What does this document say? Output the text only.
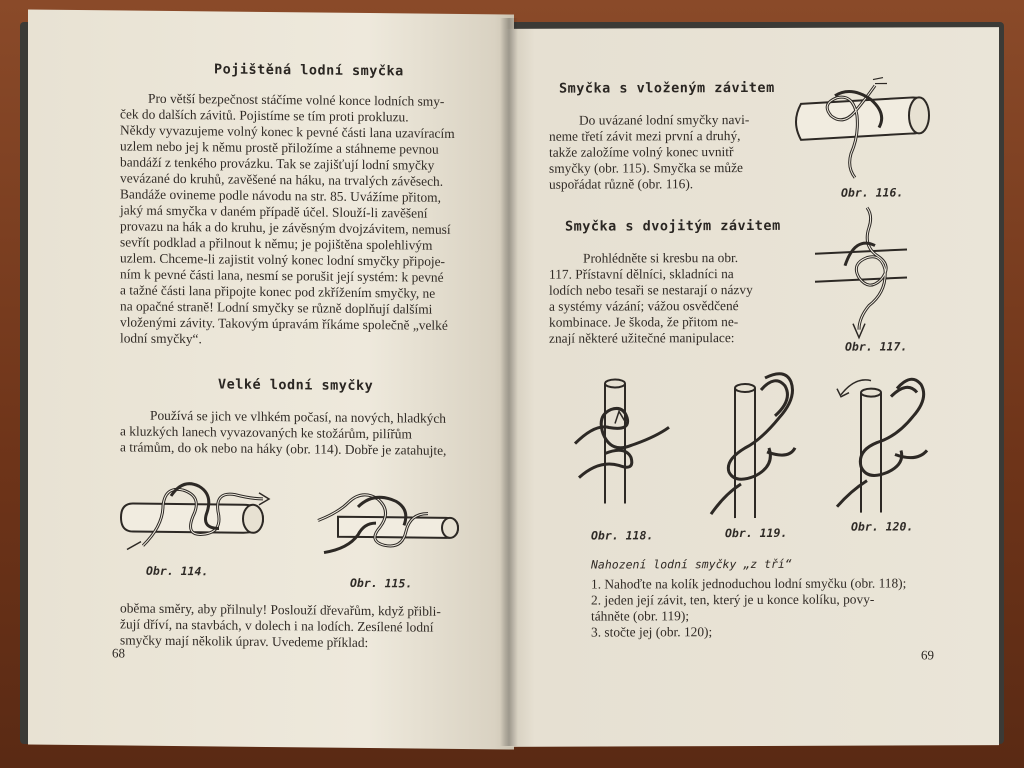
Pojištěná lodní smyčka
Pro větší bezpečnost stáčíme volné konce lodních smy-
ček do dalších závitů. Pojistíme se tím proti prokluzu.
Někdy vyvazujeme volný konec k pevné části lana uzavíracím
uzlem nebo jej k němu prostě přiložíme a stáhneme pevnou
bandáží z tenkého provázku. Tak se zajišťují lodní smyčky
vevázané do kruhů, zavěšené na háku, na trvalých závěsech.
Bandáže ovineme podle návodu na str. 85. Uvážíme přitom,
jaký má smyčka v daném případě účel. Slouží-li zavěšení
provazu na hák a do kruhu, je závěsným dvojzávitem, nemusí
sevřít podklad a přilnout k němu; je pojištěna spolehlivým
uzlem. Chceme-li zajistit volný konec lodní smyčky připoje-
ním k pevné části lana, nesmí se porušit její systém: k pevné
a tažné části lana připojte konec pod zkřížením smyčky, ne
na opačné straně! Lodní smyčky se různě doplňují dalšími
vloženými závity. Takovým úpravám říkáme společně „velké
lodní smyčky“.
Velké lodní smyčky
Používá se jich ve vlhkém počasí, na nových, hladkých
a kluzkých lanech vyvazovaných ke stožárům, pilířům
a trámům, do ok nebo na háky (obr. 114). Dobře je zatahujte,
Obr. 114.
Obr. 115.
oběma směry, aby přilnuly! Poslouží dřevařům, když přibli-
žují dříví, na stavbách, v dolech i na lodích. Zesílené lodní
smyčky mají několik úprav. Uvedeme příklad:
68
Smyčka s vloženým závitem
Do uvázané lodní smyčky navi-
neme třetí závit mezi první a druhý,
takže založíme volný konec uvnitř
smyčky (obr. 115). Smyčka se může
uspořádat různě (obr. 116).
Obr. 116.
Smyčka s dvojitým závitem
Prohlédněte si kresbu na obr.
117. Přístavní dělníci, skladníci na
lodích nebo tesaři se nestarají o názvy
a systémy vázání; vážou osvědčené
kombinace. Je škoda, že přitom ne-
znají některé užitečné manipulace:
Obr. 117.
Obr. 118.	Obr. 119.	Obr. 120.
Nahození lodní smyčky „z tří“
1. Nahoďte na kolík jednoduchou lodní smyčku (obr. 118);
2. jeden její závit, ten, který je u konce kolíku, povy-
táhněte (obr. 119);
3. stočte jej (obr. 120);
69
